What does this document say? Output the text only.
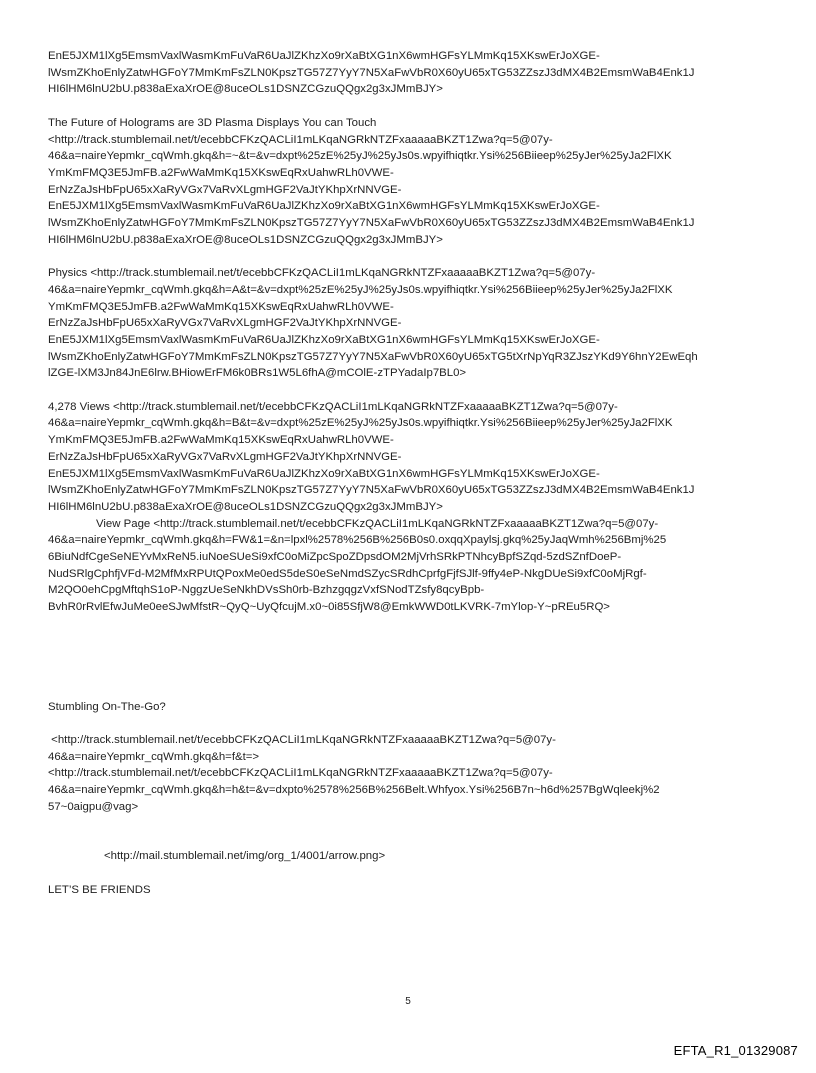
EnE5JXM1lXg5EmsmVaxlWasmKmFuVaR6UaJlZKhzXo9rXaBtXG1nX6wmHGFsYLMmKq15XKswErJoXGE-
lWsmZKhoEnlyZatwHGFoY7MmKmFsZLN0KpszTG57Z7YyY7N5XaFwVbR0X60yU65xTG53ZZszJ3dMX4B2EmsmWaB4Enk1J
HI6lHM6lnU2bU.p838aExaXrOE@8uceOLs1DSNZCGzuQQgx2g3xJMmBJY>
The Future of Holograms are 3D Plasma Displays You can Touch
<http://track.stumblemail.net/t/ecebbCFKzQACLiI1mLKqaNGRkNTZFxaaaaaBKZT1Zwa?q=5@07y-
46&a=naireYepmkr_cqWmh.gkq&h=~&t=&v=dxpt%25zE%25yJ%25yJs0s.wpyifhiqtkr.Ysi%256Biieep%25yJer%25yJa2FlXK
YmKmFMQ3E5JmFB.a2FwWaMmKq15XKswEqRxUahwRLh0VWE-
ErNzZaJsHbFpU65xXaRyVGx7VaRvXLgmHGF2VaJtYKhpXrNNVGE-
EnE5JXM1lXg5EmsmVaxlWasmKmFuVaR6UaJlZKhzXo9rXaBtXG1nX6wmHGFsYLMmKq15XKswErJoXGE-
lWsmZKhoEnlyZatwHGFoY7MmKmFsZLN0KpszTG57Z7YyY7N5XaFwVbR0X60yU65xTG53ZZszJ3dMX4B2EmsmWaB4Enk1J
HI6lHM6lnU2bU.p838aExaXrOE@8uceOLs1DSNZCGzuQQgx2g3xJMmBJY>
Physics <http://track.stumblemail.net/t/ecebbCFKzQACLiI1mLKqaNGRkNTZFxaaaaaBKZT1Zwa?q=5@07y-
46&a=naireYepmkr_cqWmh.gkq&h=A&t=&v=dxpt%25zE%25yJ%25yJs0s.wpyifhiqtkr.Ysi%256Biieep%25yJer%25yJa2FlXK
YmKmFMQ3E5JmFB.a2FwWaMmKq15XKswEqRxUahwRLh0VWE-
ErNzZaJsHbFpU65xXaRyVGx7VaRvXLgmHGF2VaJtYKhpXrNNVGE-
EnE5JXM1lXg5EmsmVaxlWasmKmFuVaR6UaJlZKhzXo9rXaBtXG1nX6wmHGFsYLMmKq15XKswErJoXGE-
lWsmZKhoEnlyZatwHGFoY7MmKmFsZLN0KpszTG57Z7YyY7N5XaFwVbR0X60yU65xTG5tXrNpYqR3ZJszYKd9Y6hnY2EwEqh
lZGE-lXM3Jn84JnE6lrw.BHiowErFM6k0BRs1W5L6fhA@mCOlE-zTPYadaIp7BL0>
4,278 Views <http://track.stumblemail.net/t/ecebbCFKzQACLiI1mLKqaNGRkNTZFxaaaaaBKZT1Zwa?q=5@07y-
46&a=naireYepmkr_cqWmh.gkq&h=B&t=&v=dxpt%25zE%25yJ%25yJs0s.wpyifhiqtkr.Ysi%256Biieep%25yJer%25yJa2FlXK
YmKmFMQ3E5JmFB.a2FwWaMmKq15XKswEqRxUahwRLh0VWE-
ErNzZaJsHbFpU65xXaRyVGx7VaRvXLgmHGF2VaJtYKhpXrNNVGE-
EnE5JXM1lXg5EmsmVaxlWasmKmFuVaR6UaJlZKhzXo9rXaBtXG1nX6wmHGFsYLMmKq15XKswErJoXGE-
lWsmZKhoEnlyZatwHGFoY7MmKmFsZLN0KpszTG57Z7YyY7N5XaFwVbR0X60yU65xTG53ZZszJ3dMX4B2EmsmWaB4Enk1J
HI6lHM6lnU2bU.p838aExaXrOE@8uceOLs1DSNZCGzuQQgx2g3xJMmBJY>
View Page <http://track.stumblemail.net/t/ecebbCFKzQACLiI1mLKqaNGRkNTZFxaaaaaBKZT1Zwa?q=5@07y-
46&a=naireYepmkr_cqWmh.gkq&h=FW&1=&n=lpxl%2578%256B%256B0s0.oxqqXpaylsj.gkq%25yJaqWmh%256Bmj%25
6BiuNdfCgeSeNEYvMxReN5.iuNoeSUeSi9xfC0oMiZpcSpoZDpsdOM2MjVrhSRkPTNhcyBpfSZqd-5zdSZnfDoeP-
NudSRlgCphfjVFd-M2MfMxRPUtQPoxMe0edS5deS0eSeNmdSZycSRdhCprfgFjfSJlf-9ffy4eP-NkgDUeSi9xfC0oMjRgf-
M2QO0ehCpgMftqhS1oP-NggzUeSeNkhDVsSh0rb-BzhzgqgzVxfSNodTZsfy8qcyBpb-
BvhR0rRvlEfwJuMe0eeSJwMfstR~QyQ~UyQfcujM.x0~0i85SfjW8@EmkWWD0tLKVRK-7mYlop-Y~pREu5RQ>
Stumbling On-The-Go?
<http://track.stumblemail.net/t/ecebbCFKzQACLiI1mLKqaNGRkNTZFxaaaaaBKZT1Zwa?q=5@07y-
46&a=naireYepmkr_cqWmh.gkq&h=f&t=>
<http://track.stumblemail.net/t/ecebbCFKzQACLiI1mLKqaNGRkNTZFxaaaaaBKZT1Zwa?q=5@07y-
46&a=naireYepmkr_cqWmh.gkq&h=h&t=&v=dxpto%2578%256B%256Belt.Whfyox.Ysi%256B7n~h6d%257BgWqleekj%2
57~0aigpu@vag>
<http://mail.stumblemail.net/img/org_1/4001/arrow.png>
LET’S BE FRIENDS
5
EFTA_R1_01329087
